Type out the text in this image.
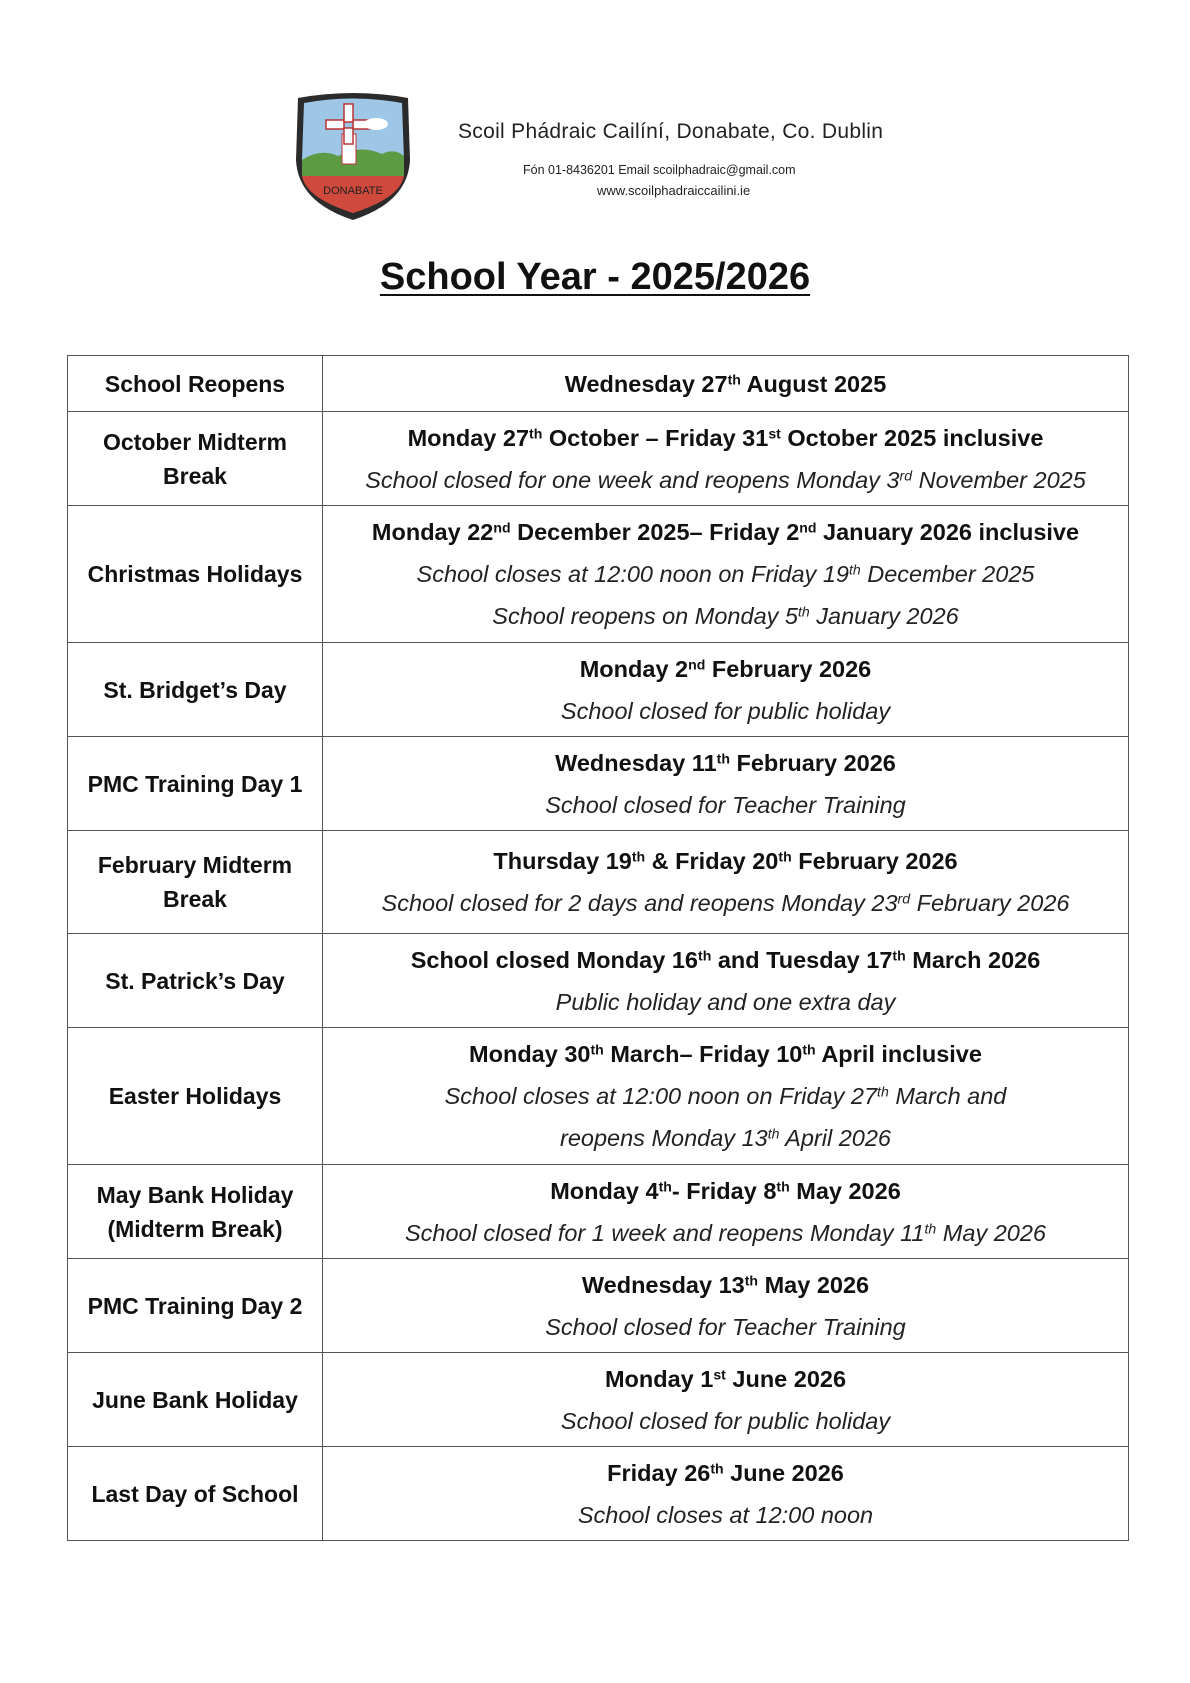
DONABATE
Scoil Phádraic Cailíní, Donabate, Co. Dublin
Fón 01-8436201 Email scoilphadraic@gmail.com
www.scoilphadraiccailini.ie
School Year - 2025/2026
School Reopens	Wednesday 27th August 2025

October Midterm Break	Monday 27th October – Friday 31st October 2025 inclusive
School closed for one week and reopens Monday 3rd November 2025

Christmas Holidays	Monday 22nd December 2025– Friday 2nd January 2026 inclusive
School closes at 12:00 noon on Friday 19th December 2025
School reopens on Monday 5th January 2026

St. Bridget’s Day	Monday 2nd February 2026
School closed for public holiday

PMC Training Day 1	Wednesday 11th February 2026
School closed for Teacher Training

February Midterm Break	Thursday 19th & Friday 20th February 2026
School closed for 2 days and reopens Monday 23rd February 2026

St. Patrick’s Day	School closed Monday 16th and Tuesday 17th March 2026
Public holiday and one extra day

Easter Holidays	Monday 30th March– Friday 10th April inclusive
School closes at 12:00 noon on Friday 27th March and
reopens Monday 13th April 2026

May Bank Holiday (Midterm Break)	Monday 4th- Friday 8th May 2026
School closed for 1 week and reopens Monday 11th May 2026

PMC Training Day 2	Wednesday 13th May 2026
School closed for Teacher Training

June Bank Holiday	Monday 1st June 2026
School closed for public holiday

Last Day of School	Friday 26th June 2026
School closes at 12:00 noon
